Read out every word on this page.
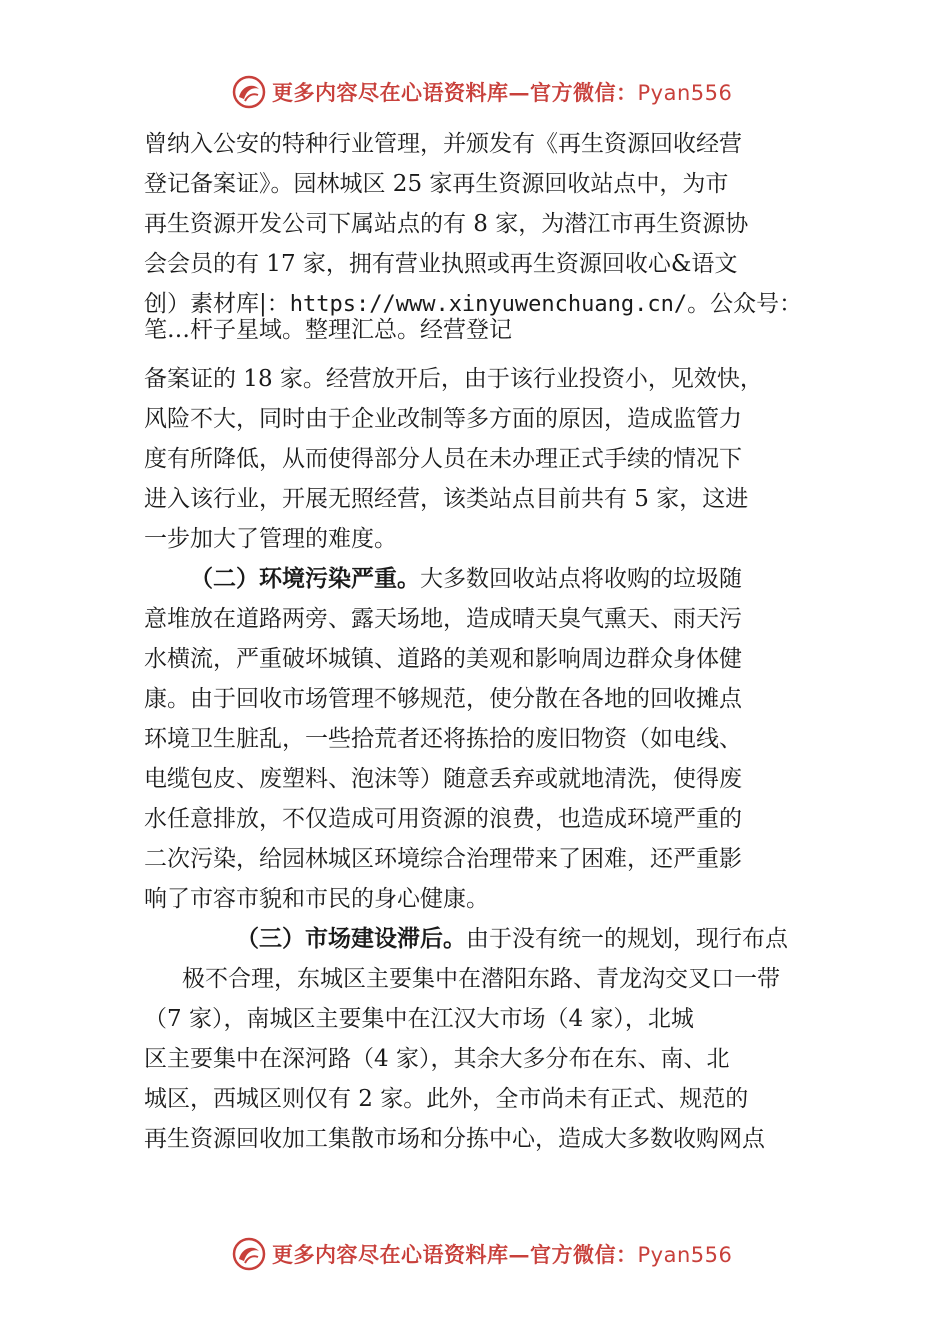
更多内容尽在心语资料库—官方微信：Pyan556
曾纳入公安的特种行业管理，并颁发有《再生资源回收经营
登记备案证》。园林城区 25 家再生资源回收站点中，为市
再生资源开发公司下属站点的有 8 家，为潜江市再生资源协
会会员的有 17 家，拥有营业执照或再生资源回收心&语文
创）素材库|：https://www.xinyuwenchuang.cn/。公众号：
笔…杆子星域。整理汇总。经营登记
备案证的 18 家。经营放开后，由于该行业投资小，见效快，
风险不大，同时由于企业改制等多方面的原因，造成监管力
度有所降低，从而使得部分人员在未办理正式手续的情况下
进入该行业，开展无照经营，该类站点目前共有 5 家，这进
一步加大了管理的难度。
（二）环境污染严重。大多数回收站点将收购的垃圾随
意堆放在道路两旁、露天场地，造成晴天臭气熏天、雨天污
水横流，严重破坏城镇、道路的美观和影响周边群众身体健
康。由于回收市场管理不够规范，使分散在各地的回收摊点
环境卫生脏乱，一些拾荒者还将拣拾的废旧物资（如电线、
电缆包皮、废塑料、泡沫等）随意丢弃或就地清洗，使得废
水任意排放，不仅造成可用资源的浪费，也造成环境严重的
二次污染，给园林城区环境综合治理带来了困难，还严重影
响了市容市貌和市民的身心健康。
（三）市场建设滞后。由于没有统一的规划，现行布点
极不合理，东城区主要集中在潜阳东路、青龙沟交叉口一带
（7 家），南城区主要集中在江汉大市场（4 家），北城
区主要集中在深河路（4 家），其余大多分布在东、南、北
城区，西城区则仅有 2 家。此外，全市尚未有正式、规范的
再生资源回收加工集散市场和分拣中心，造成大多数收购网点
更多内容尽在心语资料库—官方微信：Pyan556
